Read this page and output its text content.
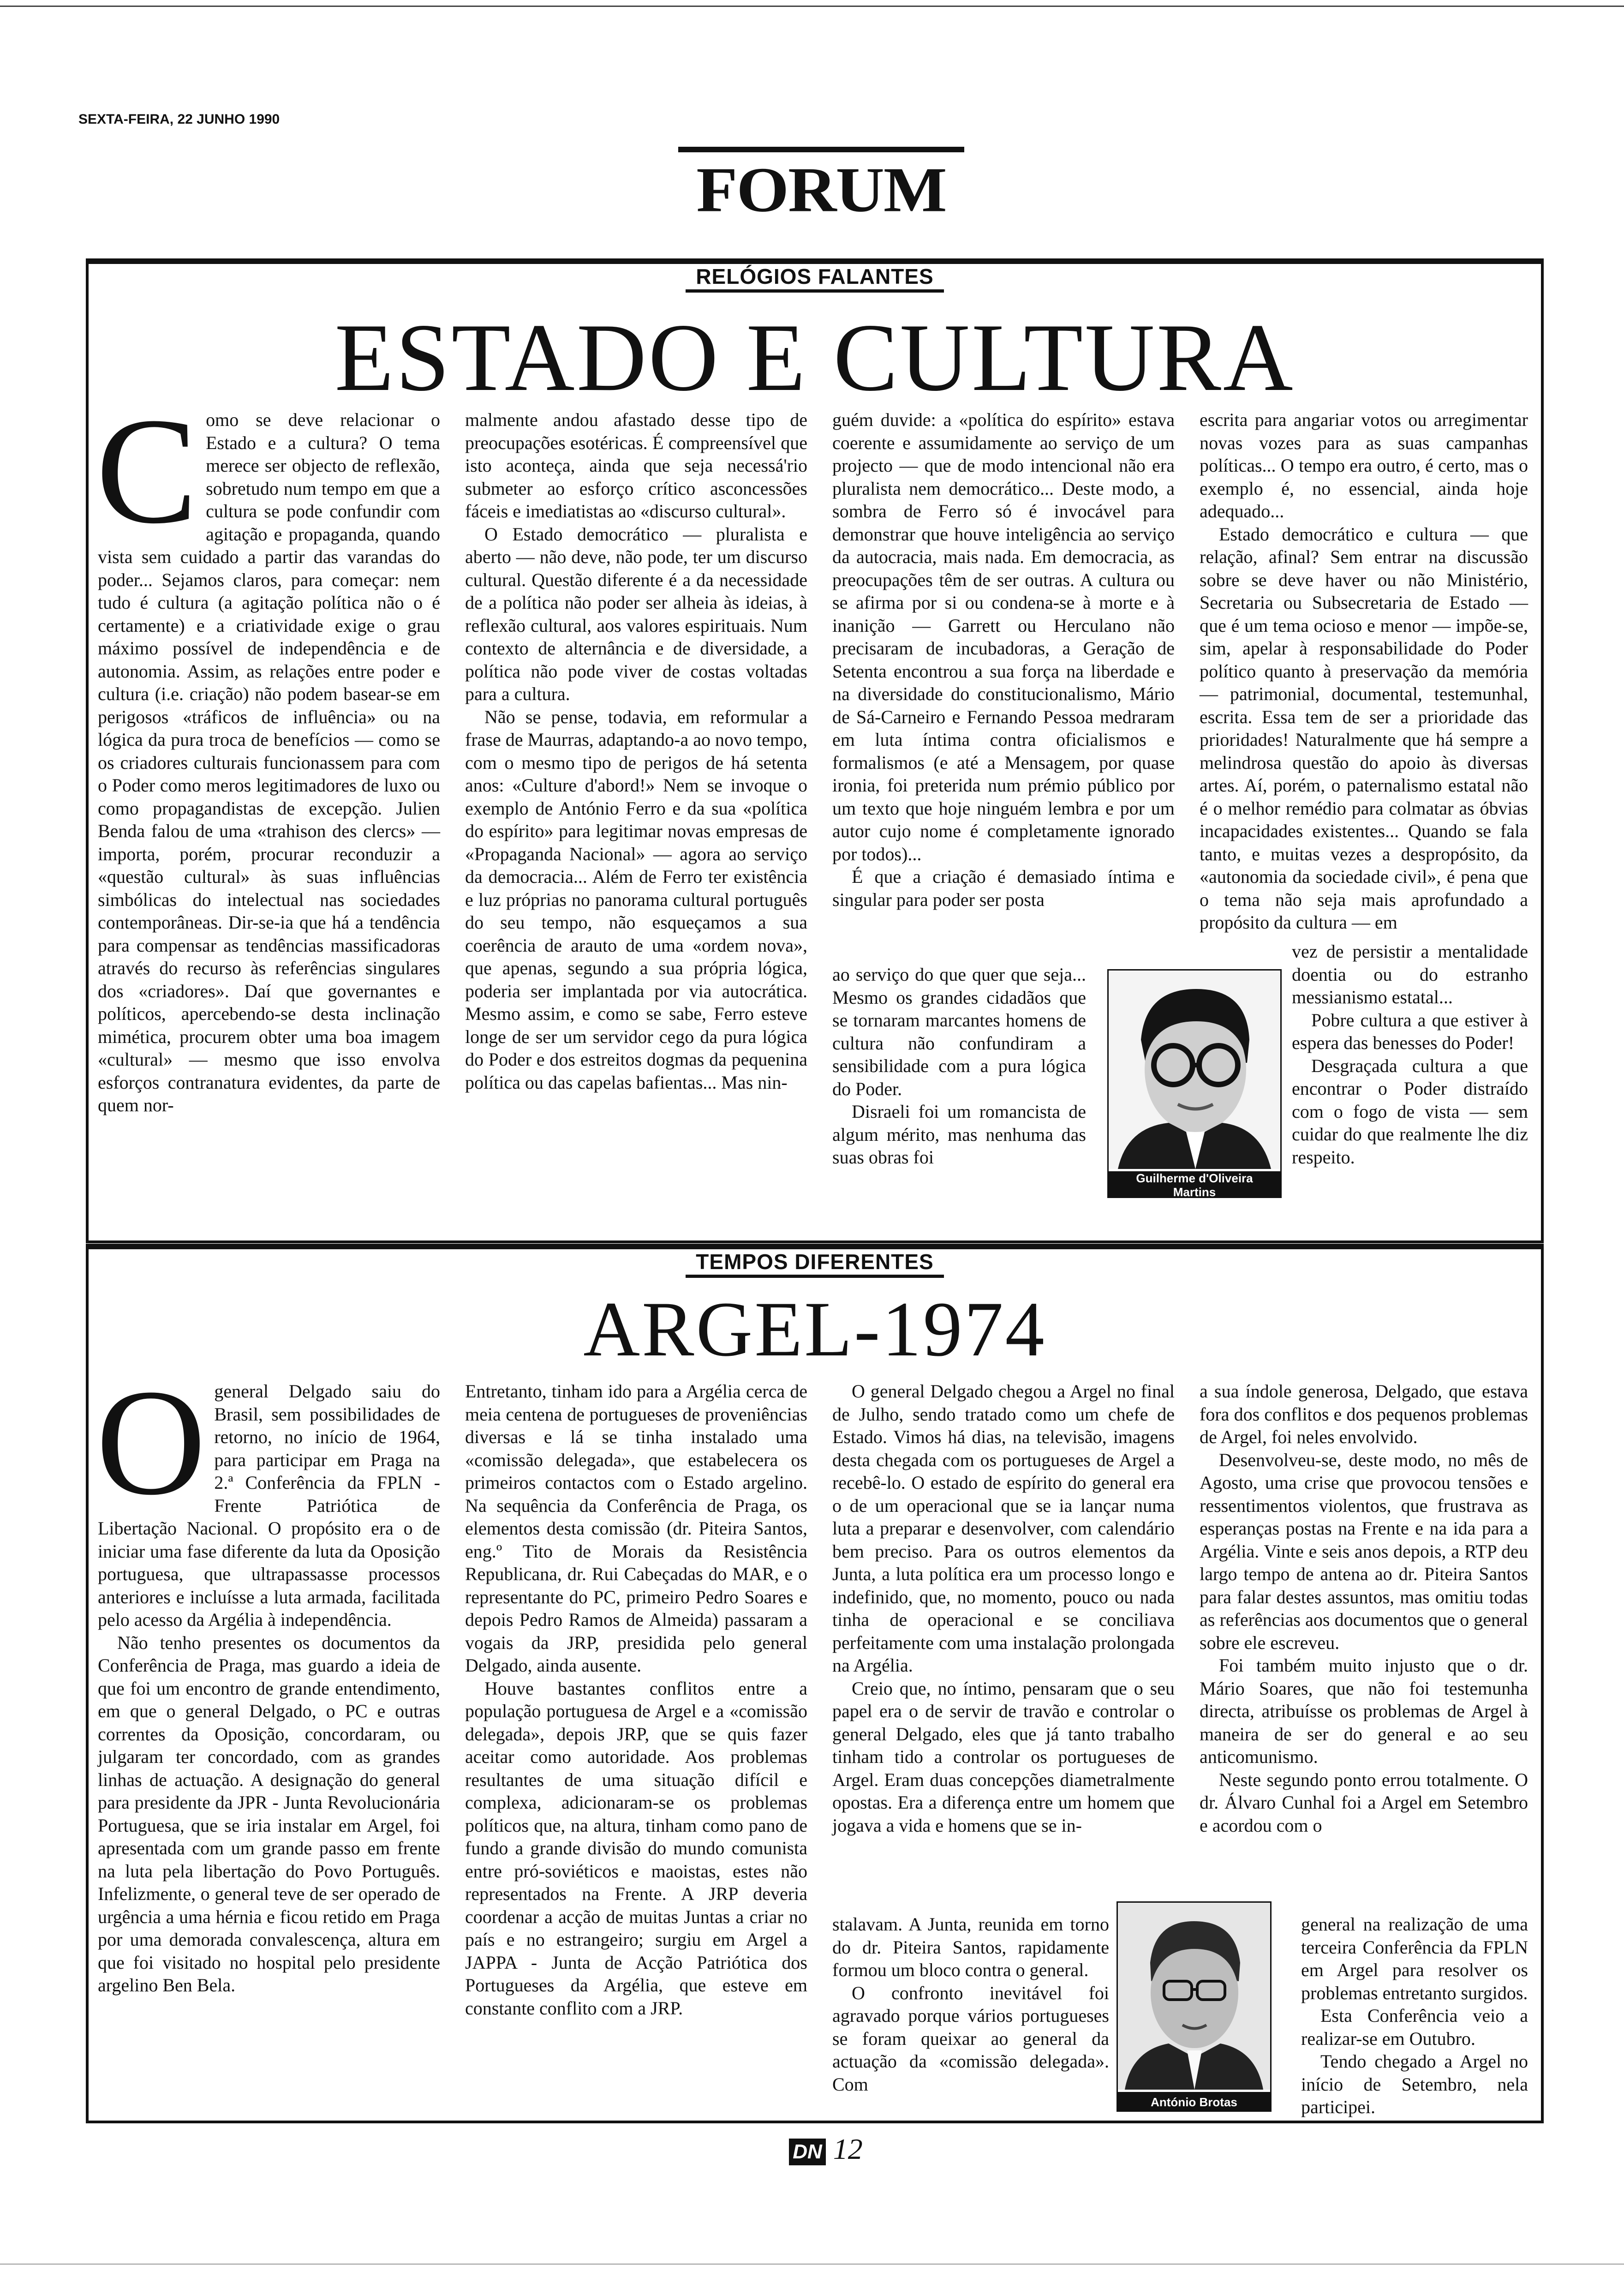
SEXTA-FEIRA, 22 JUNHO 1990
FORUM
RELÓGIOS FALANTES
ESTADO E CULTURA
C omo se deve relacionar o Estado e a cultura? O tema merece ser objecto de reflexão, sobretudo num tempo em que a cultura se pode confundir com agitação e propaganda, quando vista sem cuidado a partir das varandas do poder... Sejamos claros, para começar: nem tudo é cultura (a agitação política não o é certamente) e a criatividade exige o grau máximo possível de independência e de autonomia. Assim, as relações entre poder e cultura (i.e. criação) não podem basear-se em perigosos «tráficos de influência» ou na lógica da pura troca de benefícios — como se os criadores culturais funcionassem para com o Poder como meros legitimadores de luxo ou como propagandistas de excepção. Julien Benda falou de uma «trahison des clercs» — importa, porém, procurar reconduzir a «questão cultural» às suas influências simbólicas do intelectual nas sociedades contemporâneas. Dir-se-ia que há a tendência para compensar as tendências massificadoras através do recurso às referências singulares dos «criadores». Daí que governantes e políticos, apercebendo-se desta inclinação mimética, procurem obter uma boa imagem «cultural» — mesmo que isso envolva esforços contranatura evidentes, da parte de quem nor-

malmente andou afastado desse tipo de preocupações esotéricas. É compreensível que isto aconteça, ainda que seja necessá'rio submeter ao esforço crítico asconcessões fáceis e imediatistas ao «discurso cultural».

O Estado democrático — pluralista e aberto — não deve, não pode, ter um discurso cultural. Questão diferente é a da necessidade de a política não poder ser alheia às ideias, à reflexão cultural, aos valores espirituais. Num contexto de alternância e de diversidade, a política não pode viver de costas voltadas para a cultura.

Não se pense, todavia, em reformular a frase de Maurras, adaptando-a ao novo tempo, com o mesmo tipo de perigos de há setenta anos: «Culture d'abord!» Nem se invoque o exemplo de António Ferro e da sua «política do espírito» para legitimar novas empresas de «Propaganda Nacional» — agora ao serviço da democracia... Além de Ferro ter existência e luz próprias no panorama cultural português do seu tempo, não esqueçamos a sua coerência de arauto de uma «ordem nova», que apenas, segundo a sua própria lógica, poderia ser implantada por via autocrática. Mesmo assim, e como se sabe, Ferro esteve longe de ser um servidor cego da pura lógica do Poder e dos estreitos dogmas da pequenina política ou das capelas bafientas... Mas nin-

guém duvide: a «política do espírito» estava coerente e assumidamente ao serviço de um projecto — que de modo intencional não era pluralista nem democrático... Deste modo, a sombra de Ferro só é invocável para demonstrar que houve inteligência ao serviço da autocracia, mais nada. Em democracia, as preocupações têm de ser outras. A cultura ou se afirma por si ou condena-se à morte e à inanição — Garrett ou Herculano não precisaram de incubadoras, a Geração de Setenta encontrou a sua força na liberdade e na diversidade do constitucionalismo, Mário de Sá-Carneiro e Fernando Pessoa medraram em luta íntima contra oficialismos e formalismos (e até a Mensagem, por quase ironia, foi preterida num prémio público por um texto que hoje ninguém lembra e por um autor cujo nome é completamente ignorado por todos)...

É que a criação é demasiado íntima e singular para poder ser posta

ao serviço do que quer que seja... Mesmo os grandes cidadãos que se tornaram marcantes homens de cultura não confundiram a sensibilidade com a pura lógica do Poder.

Disraeli foi um romancista de algum mérito, mas nenhuma das suas obras foi

Guilherme d'Oliveira
Martins

escrita para angariar votos ou arregimentar novas vozes para as suas campanhas políticas... O tempo era outro, é certo, mas o exemplo é, no essencial, ainda hoje adequado...

Estado democrático e cultura — que relação, afinal? Sem entrar na discussão sobre se deve haver ou não Ministério, Secretaria ou Subsecretaria de Estado — que é um tema ocioso e menor — impõe-se, sim, apelar à responsabilidade do Poder político quanto à preservação da memória — patrimonial, documental, testemunhal, escrita. Essa tem de ser a prioridade das prioridades! Naturalmente que há sempre a melindrosa questão do apoio às diversas artes. Aí, porém, o paternalismo estatal não é o melhor remédio para colmatar as óbvias incapacidades existentes... Quando se fala tanto, e muitas vezes a despropósito, da «autonomia da sociedade civil», é pena que o tema não seja mais aprofundado a propósito da cultura — em

vez de persistir a mentalidade doentia ou do estranho messianismo estatal...

Pobre cultura a que estiver à espera das benesses do Poder!

Desgraçada cultura a que encontrar o Poder distraído com o fogo de vista — sem cuidar do que realmente lhe diz respeito.

TEMPOS DIFERENTES
ARGEL-1974
O general Delgado saiu do Brasil, sem possibilidades de retorno, no início de 1964, para participar em Praga na 2.ª Conferência da FPLN - Frente Patriótica de Libertação Nacional. O propósito era o de iniciar uma fase diferente da luta da Oposição portuguesa, que ultrapassasse processos anteriores e incluísse a luta armada, facilitada pelo acesso da Argélia à independência.

Não tenho presentes os documentos da Conferência de Praga, mas guardo a ideia de que foi um encontro de grande entendimento, em que o general Delgado, o PC e outras correntes da Oposição, concordaram, ou julgaram ter concordado, com as grandes linhas de actuação. A designação do general para presidente da JPR - Junta Revolucionária Portuguesa, que se iria instalar em Argel, foi apresentada com um grande passo em frente na luta pela libertação do Povo Português. Infelizmente, o general teve de ser operado de urgência a uma hérnia e ficou retido em Praga por uma demorada convalescença, altura em que foi visitado no hospital pelo presidente argelino Ben Bela.

Entretanto, tinham ido para a Argélia cerca de meia centena de portugueses de proveniências diversas e lá se tinha instalado uma «comissão delegada», que estabelecera os primeiros contactos com o Estado argelino. Na sequência da Conferência de Praga, os elementos desta comissão (dr. Piteira Santos, eng.º Tito de Morais da Resistência Republicana, dr. Rui Cabeçadas do MAR, e o representante do PC, primeiro Pedro Soares e depois Pedro Ramos de Almeida) passaram a vogais da JRP, presidida pelo general Delgado, ainda ausente.

Houve bastantes conflitos entre a população portuguesa de Argel e a «comissão delegada», depois JRP, que se quis fazer aceitar como autoridade. Aos problemas resultantes de uma situação difícil e complexa, adicionaram-se os problemas políticos que, na altura, tinham como pano de fundo a grande divisão do mundo comunista entre pró-soviéticos e maoistas, estes não representados na Frente. A JRP deveria coordenar a acção de muitas Juntas a criar no país e no estrangeiro; surgiu em Argel a JAPPA - Junta de Acção Patriótica dos Portugueses da Argélia, que esteve em constante conflito com a JRP.

O general Delgado chegou a Argel no final de Julho, sendo tratado como um chefe de Estado. Vimos há dias, na televisão, imagens desta chegada com os portugueses de Argel a recebê-lo. O estado de espírito do general era o de um operacional que se ia lançar numa luta a preparar e desenvolver, com calendário bem preciso. Para os outros elementos da Junta, a luta política era um processo longo e indefinido, que, no momento, pouco ou nada tinha de operacional e se conciliava perfeitamente com uma instalação prolongada na Argélia.

Creio que, no íntimo, pensaram que o seu papel era o de servir de travão e controlar o general Delgado, eles que já tanto trabalho tinham tido a controlar os portugueses de Argel. Eram duas concepções diametralmente opostas. Era a diferença entre um homem que jogava a vida e homens que se in-

stalavam. A Junta, reunida em torno do dr. Piteira Santos, rapidamente formou um bloco contra o general.

O confronto inevitável foi agravado porque vários portugueses se foram queixar ao general da actuação da «comissão delegada». Com

António Brotas

a sua índole generosa, Delgado, que estava fora dos conflitos e dos pequenos problemas de Argel, foi neles envolvido.

Desenvolveu-se, deste modo, no mês de Agosto, uma crise que provocou tensões e ressentimentos violentos, que frustrava as esperanças postas na Frente e na ida para a Argélia. Vinte e seis anos depois, a RTP deu largo tempo de antena ao dr. Piteira Santos para falar destes assuntos, mas omitiu todas as referências aos documentos que o general sobre ele escreveu.

Foi também muito injusto que o dr. Mário Soares, que não foi testemunha directa, atribuísse os problemas de Argel à maneira de ser do general e ao seu anticomunismo.

Neste segundo ponto errou totalmente. O dr. Álvaro Cunhal foi a Argel em Setembro e acordou com o

general na realização de uma terceira Conferência da FPLN em Argel para resolver os problemas entretanto surgidos.

Esta Conferência veio a realizar-se em Outubro.

Tendo chegado a Argel no início de Setembro, nela participei.

DN 12
